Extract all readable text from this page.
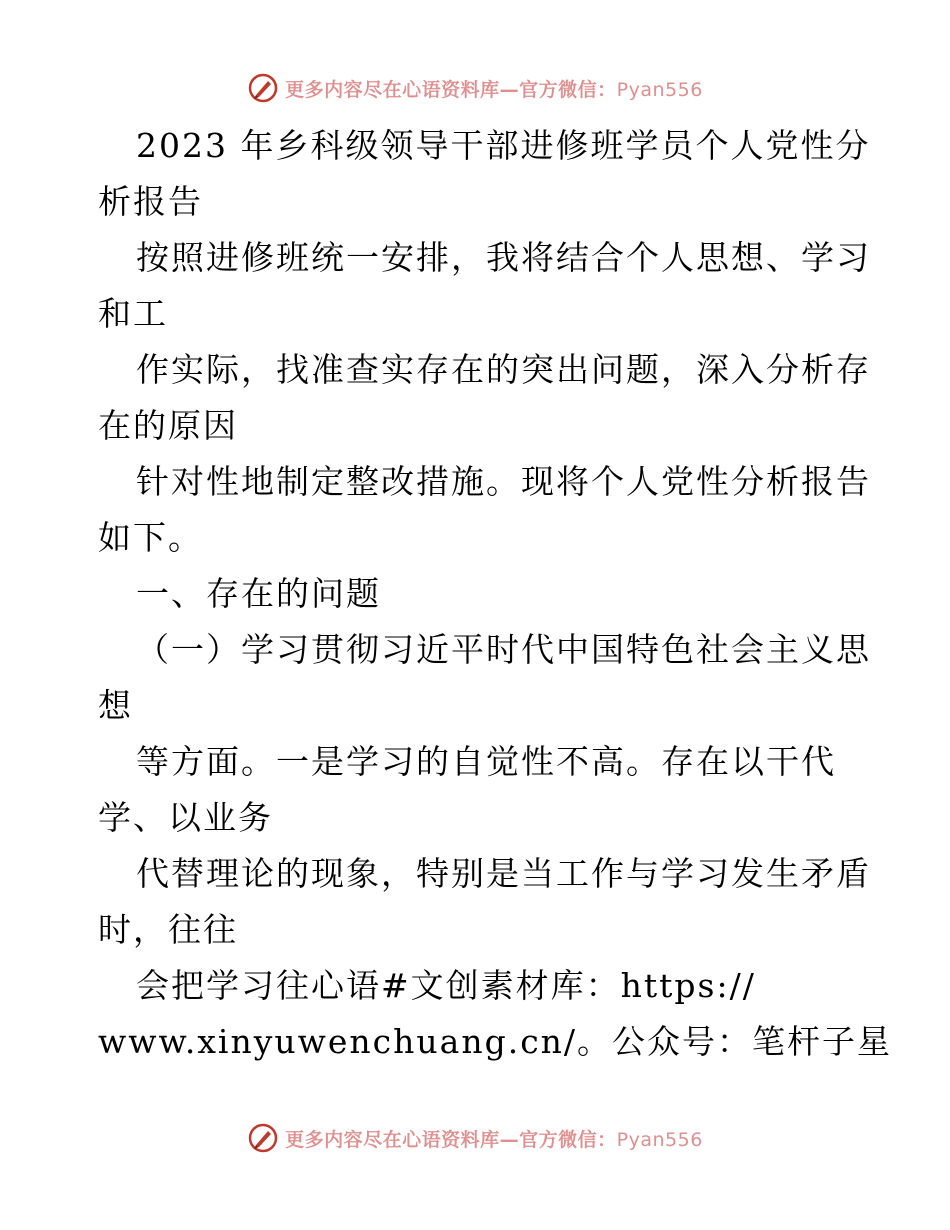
更多内容尽在心语资料库—官方微信：Pyan556
2023 年乡科级领导干部进修班学员个人党性分
析报告
按照进修班统一安排，我将结合个人思想、学习
和工
作实际，找准查实存在的突出问题，深入分析存
在的原因
针对性地制定整改措施。现将个人党性分析报告
如下。
一、存在的问题
（一）学习贯彻习近平时代中国特色社会主义思
想
等方面。一是学习的自觉性不高。存在以干代
学、以业务
代替理论的现象，特别是当工作与学习发生矛盾
时，往往
会把学习往心语#文创素材库：https://
www.xinyuwenchuang.cn/。公众号：笔杆子星
更多内容尽在心语资料库—官方微信：Pyan556
